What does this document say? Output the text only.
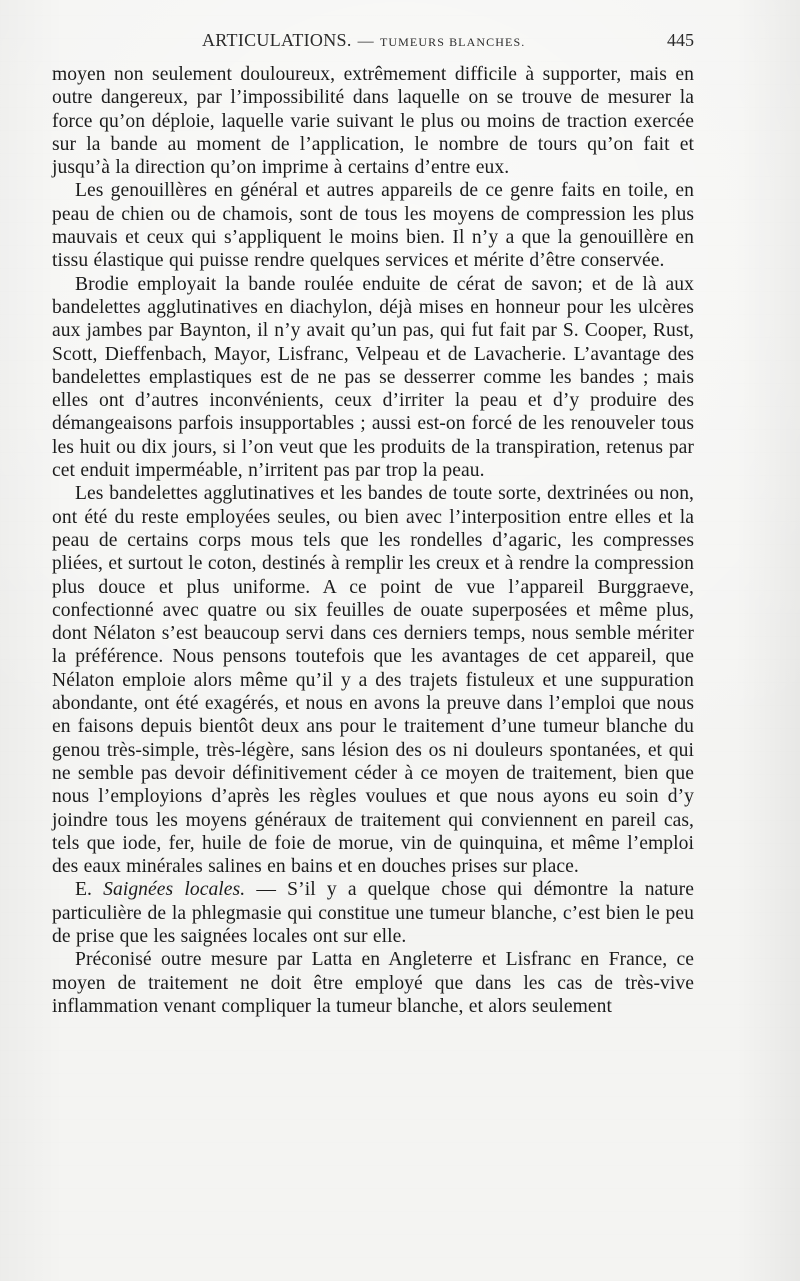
ARTICULATIONS. — TUMEURS BLANCHES.	445

moyen non seulement douloureux, extrêmement difficile à supporter, mais en outre dangereux, par l’impossibilité dans laquelle on se trouve de mesurer la force qu’on déploie, laquelle varie suivant le plus ou moins de traction exercée sur la bande au moment de l’application, le nombre de tours qu’on fait et jusqu’à la direction qu’on imprime à certains d’entre eux.

Les genouillères en général et autres appareils de ce genre faits en toile, en peau de chien ou de chamois, sont de tous les moyens de compression les plus mauvais et ceux qui s’appliquent le moins bien. Il n’y a que la genouillère en tissu élastique qui puisse rendre quelques services et mérite d’être conservée.

Brodie employait la bande roulée enduite de cérat de savon; et de là aux bandelettes agglutinatives en diachylon, déjà mises en honneur pour les ulcères aux jambes par Baynton, il n’y avait qu’un pas, qui fut fait par S. Cooper, Rust, Scott, Dieffenbach, Mayor, Lisfranc, Velpeau et de Lavacherie. L’avantage des bandelettes emplastiques est de ne pas se desserrer comme les bandes ; mais elles ont d’autres inconvénients, ceux d’irriter la peau et d’y produire des démangeaisons parfois insupportables ; aussi est-on forcé de les renouveler tous les huit ou dix jours, si l’on veut que les produits de la transpiration, retenus par cet enduit imperméable, n’irritent pas par trop la peau.

Les bandelettes agglutinatives et les bandes de toute sorte, dextrinées ou non, ont été du reste employées seules, ou bien avec l’interposition entre elles et la peau de certains corps mous tels que les rondelles d’agaric, les compresses pliées, et surtout le coton, destinés à remplir les creux et à rendre la compression plus douce et plus uniforme. A ce point de vue l’appareil Burggraeve, confectionné avec quatre ou six feuilles de ouate superposées et même plus, dont Nélaton s’est beaucoup servi dans ces derniers temps, nous semble mériter la préférence. Nous pensons toutefois que les avantages de cet appareil, que Nélaton emploie alors même qu’il y a des trajets fistuleux et une suppuration abondante, ont été exagérés, et nous en avons la preuve dans l’emploi que nous en faisons depuis bientôt deux ans pour le traitement d’une tumeur blanche du genou très-simple, très-légère, sans lésion des os ni douleurs spontanées, et qui ne semble pas devoir définitivement céder à ce moyen de traitement, bien que nous l’employions d’après les règles voulues et que nous ayons eu soin d’y joindre tous les moyens généraux de traitement qui conviennent en pareil cas, tels que iode, fer, huile de foie de morue, vin de quinquina, et même l’emploi des eaux minérales salines en bains et en douches prises sur place.

E. Saignées locales. — S’il y a quelque chose qui démontre la nature particulière de la phlegmasie qui constitue une tumeur blanche, c’est bien le peu de prise que les saignées locales ont sur elle.

Préconisé outre mesure par Latta en Angleterre et Lisfranc en France, ce moyen de traitement ne doit être employé que dans les cas de très-vive inflammation venant compliquer la tumeur blanche, et alors seulement
